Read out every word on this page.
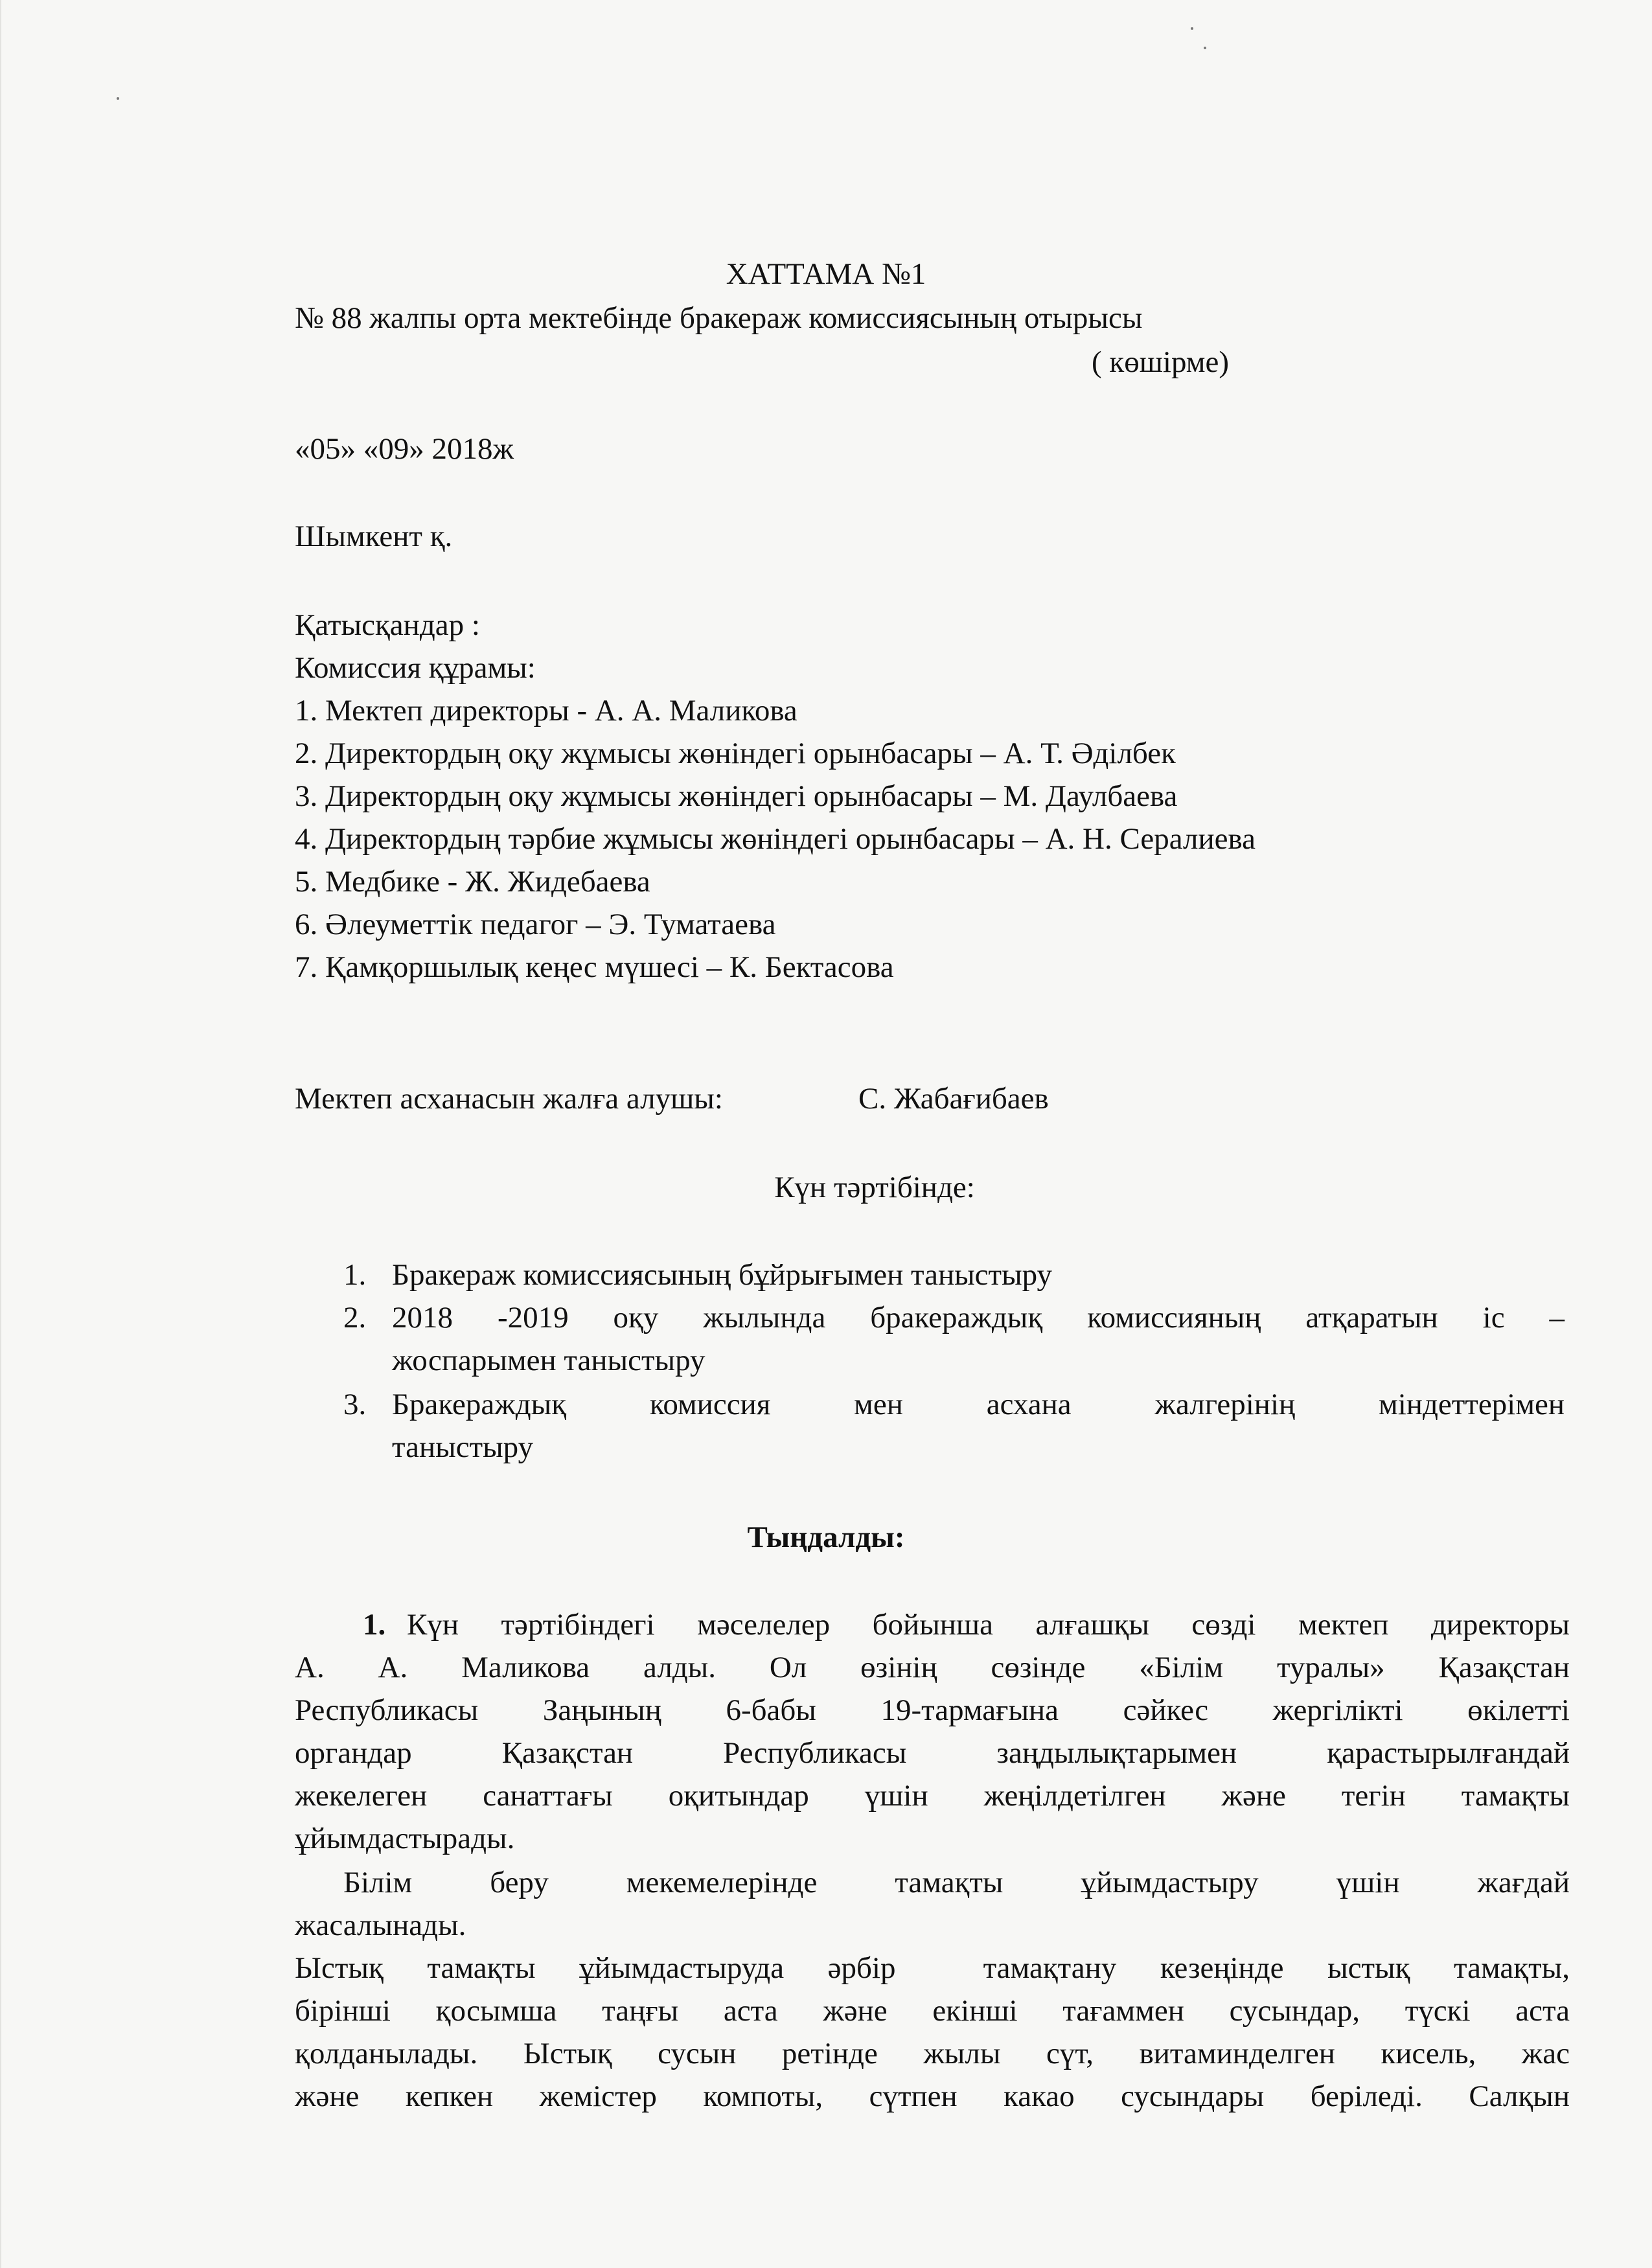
ХАТТАМА №1
№ 88 жалпы орта мектебінде бракераж комиссиясының отырысы
( көшірме)
«05» «09» 2018ж
Шымкент қ.
Қатысқандар :
Комиссия құрамы:
1. Мектеп директоры - А. А. Маликова
2. Директордың оқу жұмысы жөніндегі орынбасары – А. Т. Әділбек
3. Директордың оқу жұмысы жөніндегі орынбасары – М. Даулбаева
4. Директордың тәрбие жұмысы жөніндегі орынбасары – А. Н. Сералиева
5. Медбике - Ж. Жидебаева
6. Әлеуметтік педагог – Э. Туматаева
7. Қамқоршылық кеңес мүшесі – К. Бектасова
Мектеп асханасын жалға алушы:	С. Жабағибаев
Күн тәртібінде:
1. Бракераж комиссиясының бұйрығымен таныстыру
2. 2018  -2019  оқу  жылында  бракераждық  комиссияның  атқаратын  іс  –
жоспарымен таныстыру
3. Бракераждық     комиссия     мен     асхана     жалгерінің     міндеттерімен
таныстыру
Тыңдалды:
1. Күн тәртібіндегі мәселелер бойынша алғашқы сөзді мектеп директоры
А.  А.  Маликова  алды.  Ол  өзінің  сөзінде  «Білім  туралы»  Қазақстан
Республикасы  Заңының  6-бабы  19-тармағына  сәйкес  жергілікті  өкілетті
органдар  Қазақстан  Республикасы  заңдылықтарымен  қарастырылғандай
жекелеген  санаттағы  оқитындар  үшін  жеңілдетілген  және  тегін  тамақты
ұйымдастырады.
Білім    беру    мекемелерінде    тамақты    ұйымдастыру    үшін    жағдай
жасалынады.
Ыстық тамақты ұйымдастыруда әрбір  тамақтану кезеңінде ыстық тамақты,
бірінші  қосымша  таңғы  аста  және  екінші  тағаммен  сусындар,  түскі  аста
қолданылады.  Ыстық  сусын  ретінде  жылы  сүт,  витаминделген  кисель,  жас
және  кепкен  жемістер  компоты,  сүтпен  какао  сусындары  беріледі.  Салқын
